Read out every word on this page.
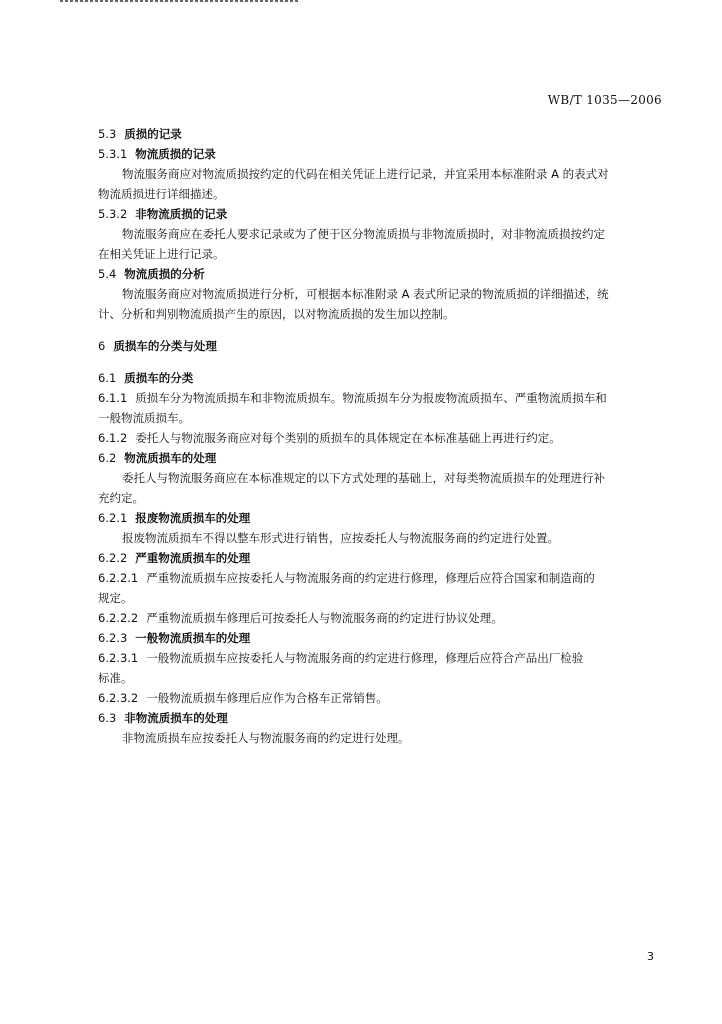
WB/T 1035—2006
5.3 质损的记录
5.3.1 物流质损的记录
物流服务商应对物流质损按约定的代码在相关凭证上进行记录，并宜采用本标准附录 A 的表式对
物流质损进行详细描述。
5.3.2 非物流质损的记录
物流服务商应在委托人要求记录或为了便于区分物流质损与非物流质损时，对非物流质损按约定
在相关凭证上进行记录。
5.4 物流质损的分析
物流服务商应对物流质损进行分析，可根据本标准附录 A 表式所记录的物流质损的详细描述，统
计、分析和判别物流质损产生的原因，以对物流质损的发生加以控制。
6 质损车的分类与处理
6.1 质损车的分类
6.1.1 质损车分为物流质损车和非物流质损车。物流质损车分为报废物流质损车、严重物流质损车和
一般物流质损车。
6.1.2 委托人与物流服务商应对每个类别的质损车的具体规定在本标准基础上再进行约定。
6.2 物流质损车的处理
委托人与物流服务商应在本标准规定的以下方式处理的基础上，对每类物流质损车的处理进行补
充约定。
6.2.1 报废物流质损车的处理
报废物流质损车不得以整车形式进行销售，应按委托人与物流服务商的约定进行处置。
6.2.2 严重物流质损车的处理
6.2.2.1 严重物流质损车应按委托人与物流服务商的约定进行修理，修理后应符合国家和制造商的
规定。
6.2.2.2 严重物流质损车修理后可按委托人与物流服务商的约定进行协议处理。
6.2.3 一般物流质损车的处理
6.2.3.1 一般物流质损车应按委托人与物流服务商的约定进行修理，修理后应符合产品出厂检验
标准。
6.2.3.2 一般物流质损车修理后应作为合格车正常销售。
6.3 非物流质损车的处理
非物流质损车应按委托人与物流服务商的约定进行处理。
3
